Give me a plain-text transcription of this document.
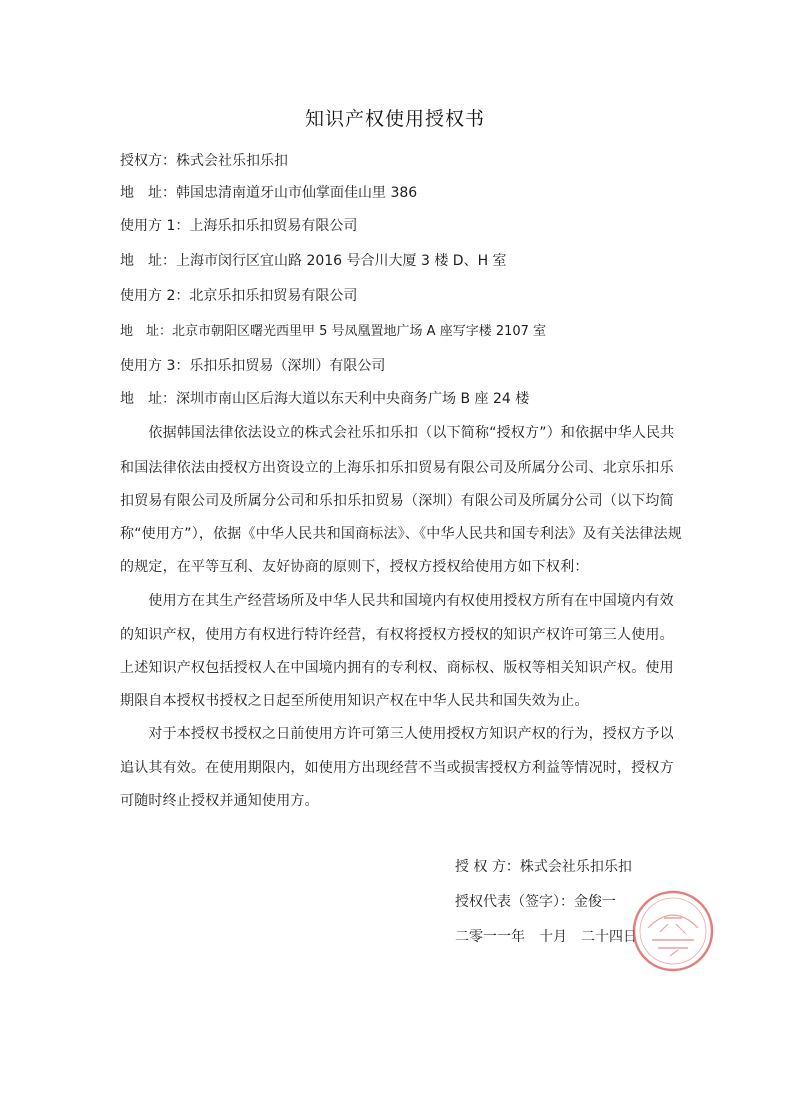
知识产权使用授权书
授权方：株式会社乐扣乐扣
地　址：韩国忠清南道牙山市仙掌面佳山里 386
使用方 1：上海乐扣乐扣贸易有限公司
地　址：上海市闵行区宜山路 2016 号合川大厦 3 楼 D、H 室
使用方 2：北京乐扣乐扣贸易有限公司
地　址：北京市朝阳区曙光西里甲 5 号凤凰置地广场 A 座写字楼 2107 室
使用方 3：乐扣乐扣贸易（深圳）有限公司
地　址：深圳市南山区后海大道以东天利中央商务广场 B 座 24 楼
　　依据韩国法律依法设立的株式会社乐扣乐扣（以下简称“授权方”）和依据中华人民共
和国法律依法由授权方出资设立的上海乐扣乐扣贸易有限公司及所属分公司、北京乐扣乐
扣贸易有限公司及所属分公司和乐扣乐扣贸易（深圳）有限公司及所属分公司（以下均简
称“使用方”），依据《中华人民共和国商标法》、《中华人民共和国专利法》及有关法律法规
的规定，在平等互利、友好协商的原则下，授权方授权给使用方如下权利：
　　使用方在其生产经营场所及中华人民共和国境内有权使用授权方所有在中国境内有效
的知识产权，使用方有权进行特许经营，有权将授权方授权的知识产权许可第三人使用。
上述知识产权包括授权人在中国境内拥有的专利权、商标权、版权等相关知识产权。使用
期限自本授权书授权之日起至所使用知识产权在中华人民共和国失效为止。
　　对于本授权书授权之日前使用方许可第三人使用授权方知识产权的行为，授权方予以
追认其有效。在使用期限内，如使用方出现经营不当或损害授权方利益等情况时，授权方
可随时终止授权并通知使用方。
授 权 方：株式会社乐扣乐扣
授权代表（签字）：金俊一
二零一一年　十月　二十四日
